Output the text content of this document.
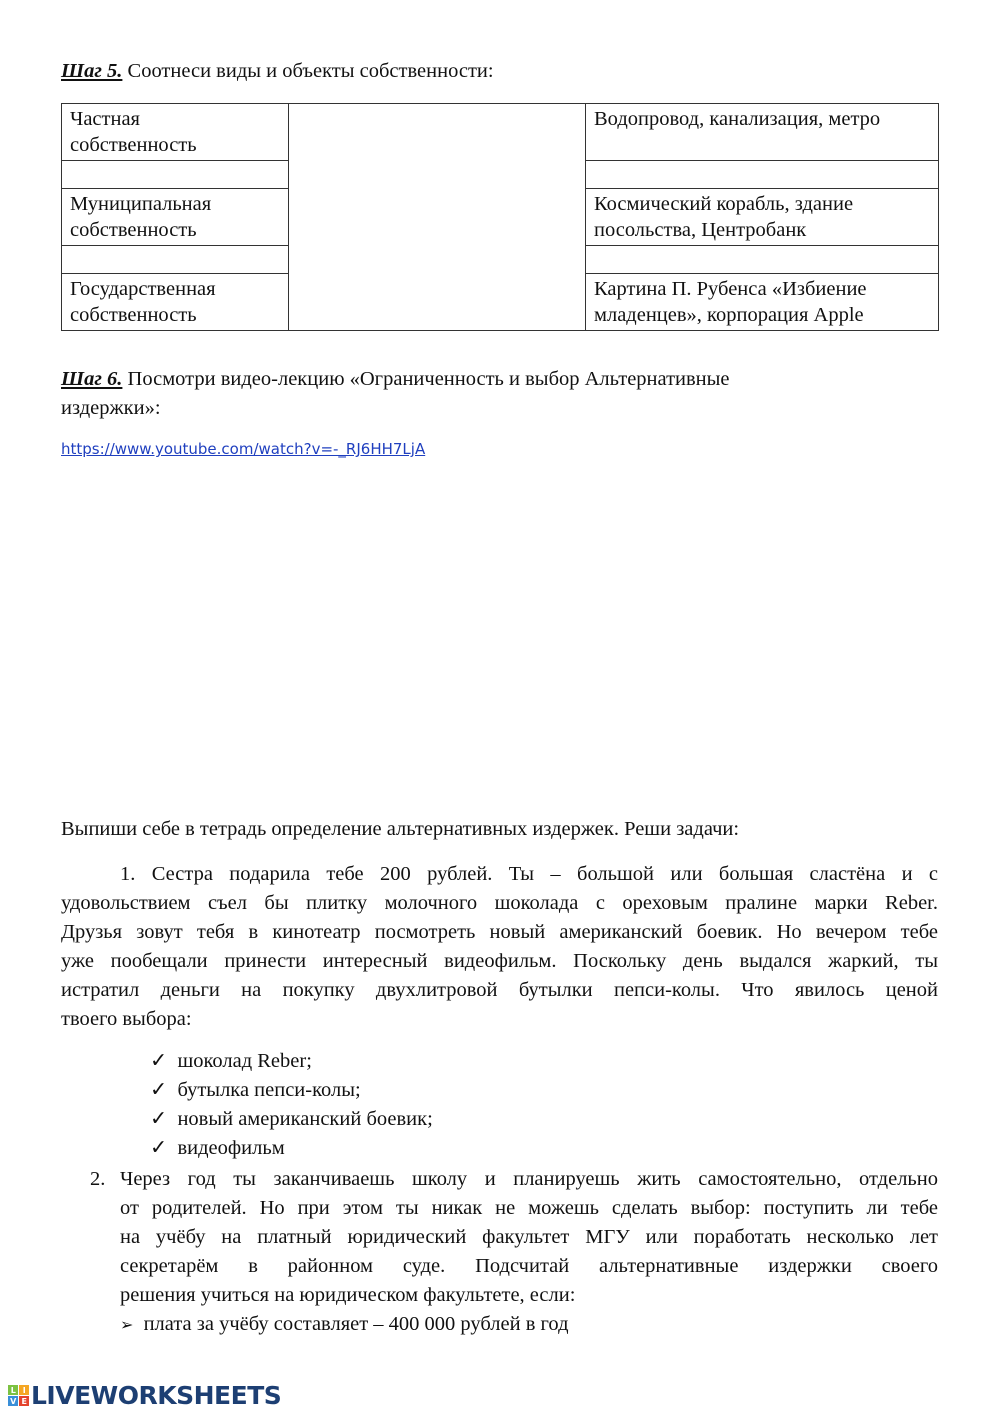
Шаг 5. Соотнеси виды и объекты собственности:
Частная
собственность		Водопровод, канализация, метро

Муниципальная
собственность		Космический корабль, здание
посольства, Центробанк

Государственная
собственность		Картина П. Рубенса «Избиение
младенцев», корпорация Apple
Шаг 6. Посмотри видео-лекцию «Ограниченность и выбор Альтернативные
издержки»:
https://www.youtube.com/watch?v=-_RJ6HH7LjA
Выпиши себе в тетрадь определение альтернативных издержек. Реши задачи:
1. Сестра подарила тебе 200 рублей. Ты – большой или большая сластёна и с
удовольствием съел бы плитку молочного шоколада с ореховым пралине марки Reber.
Друзья зовут тебя в кинотеатр посмотреть новый американский боевик. Но вечером тебе
уже пообещали принести интересный видеофильм. Поскольку день выдался жаркий, ты
истратил деньги на покупку двухлитровой бутылки пепси-колы. Что явилось ценой
твоего выбора:
✓  шоколад Reber;
✓  бутылка пепси-колы;
✓  новый американский боевик;
✓  видеофильм
2. Через год ты заканчиваешь школу и планируешь жить самостоятельно, отдельно
от родителей. Но при этом ты никак не можешь сделать выбор: поступить ли тебе
на учёбу на платный юридический факультет МГУ или поработать несколько лет
секретарём в районном суде. Подсчитай альтернативные издержки своего
решения учиться на юридическом факультете, если:
➢  плата за учёбу составляет – 400 000 рублей в год
L I
V E LIVEWORKSHEETS
